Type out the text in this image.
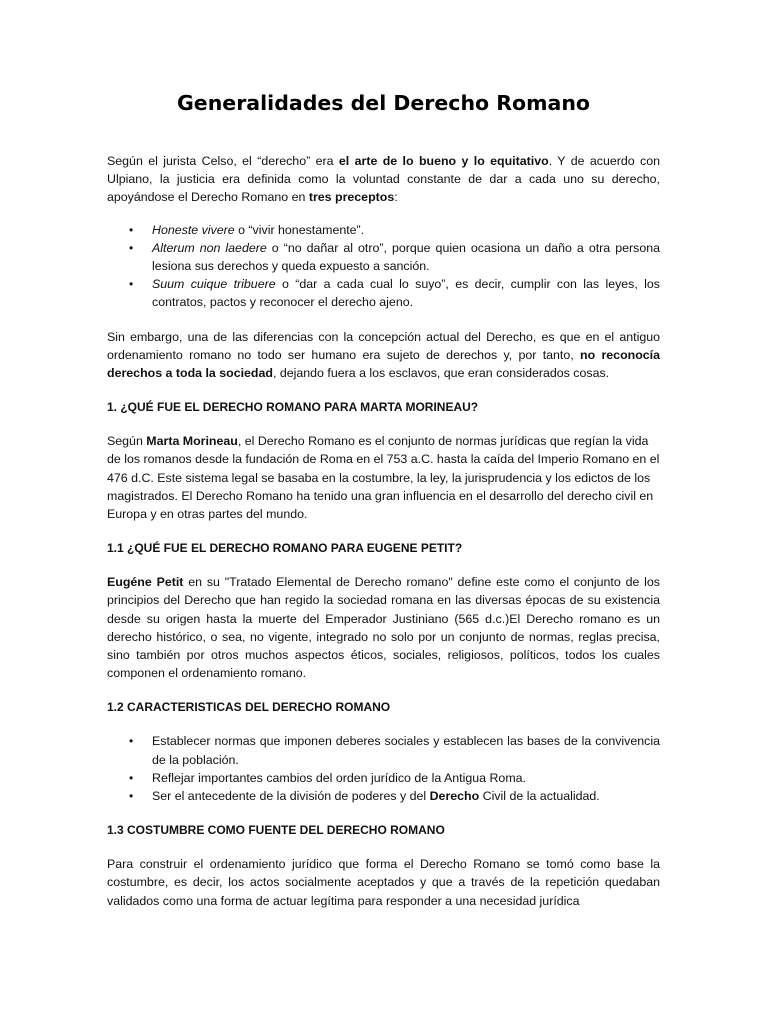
Generalidades del Derecho Romano

Según el jurista Celso, el “derecho” era el arte de lo bueno y lo equitativo. Y de acuerdo con Ulpiano, la justicia era definida como la voluntad constante de dar a cada uno su derecho, apoyándose el Derecho Romano en tres preceptos:

• Honeste vivere o “vivir honestamente”.
• Alterum non laedere o “no dañar al otro”, porque quien ocasiona un daño a otra persona lesiona sus derechos y queda expuesto a sanción.
• Suum cuique tribuere o “dar a cada cual lo suyo”, es decir, cumplir con las leyes, los contratos, pactos y reconocer el derecho ajeno.

Sin embargo, una de las diferencias con la concepción actual del Derecho, es que en el antiguo ordenamiento romano no todo ser humano era sujeto de derechos y, por tanto, no reconocía derechos a toda la sociedad, dejando fuera a los esclavos, que eran considerados cosas.

1. ¿QUÉ FUE EL DERECHO ROMANO PARA MARTA MORINEAU?

Según Marta Morineau, el Derecho Romano es el conjunto de normas jurídicas que regían la vida de los romanos desde la fundación de Roma en el 753 a.C. hasta la caída del Imperio Romano en el 476 d.C. Este sistema legal se basaba en la costumbre, la ley, la jurisprudencia y los edictos de los magistrados. El Derecho Romano ha tenido una gran influencia en el desarrollo del derecho civil en Europa y en otras partes del mundo.

1.1 ¿QUÉ FUE EL DERECHO ROMANO PARA EUGENE PETIT?

Eugéne Petit en su "Tratado Elemental de Derecho romano" define este como el conjunto de los principios del Derecho que han regido la sociedad romana en las diversas épocas de su existencia desde su origen hasta la muerte del Emperador Justiniano (565 d.c.)El Derecho romano es un derecho histórico, o sea, no vigente, integrado no solo por un conjunto de normas, reglas precisa, sino también por otros muchos aspectos éticos, sociales, religiosos, políticos, todos los cuales componen el ordenamiento romano.

1.2 CARACTERISTICAS DEL DERECHO ROMANO
• Establecer normas que imponen deberes sociales y establecen las bases de la convivencia de la población.
• Reflejar importantes cambios del orden jurídico de la Antigua Roma.
• Ser el antecedente de la división de poderes y del Derecho Civil de la actualidad.
1.3 COSTUMBRE COMO FUENTE DEL DERECHO ROMANO

Para construir el ordenamiento jurídico que forma el Derecho Romano se tomó como base la costumbre, es decir, los actos socialmente aceptados y que a través de la repetición quedaban validados como una forma de actuar legítima para responder a una necesidad jurídica
